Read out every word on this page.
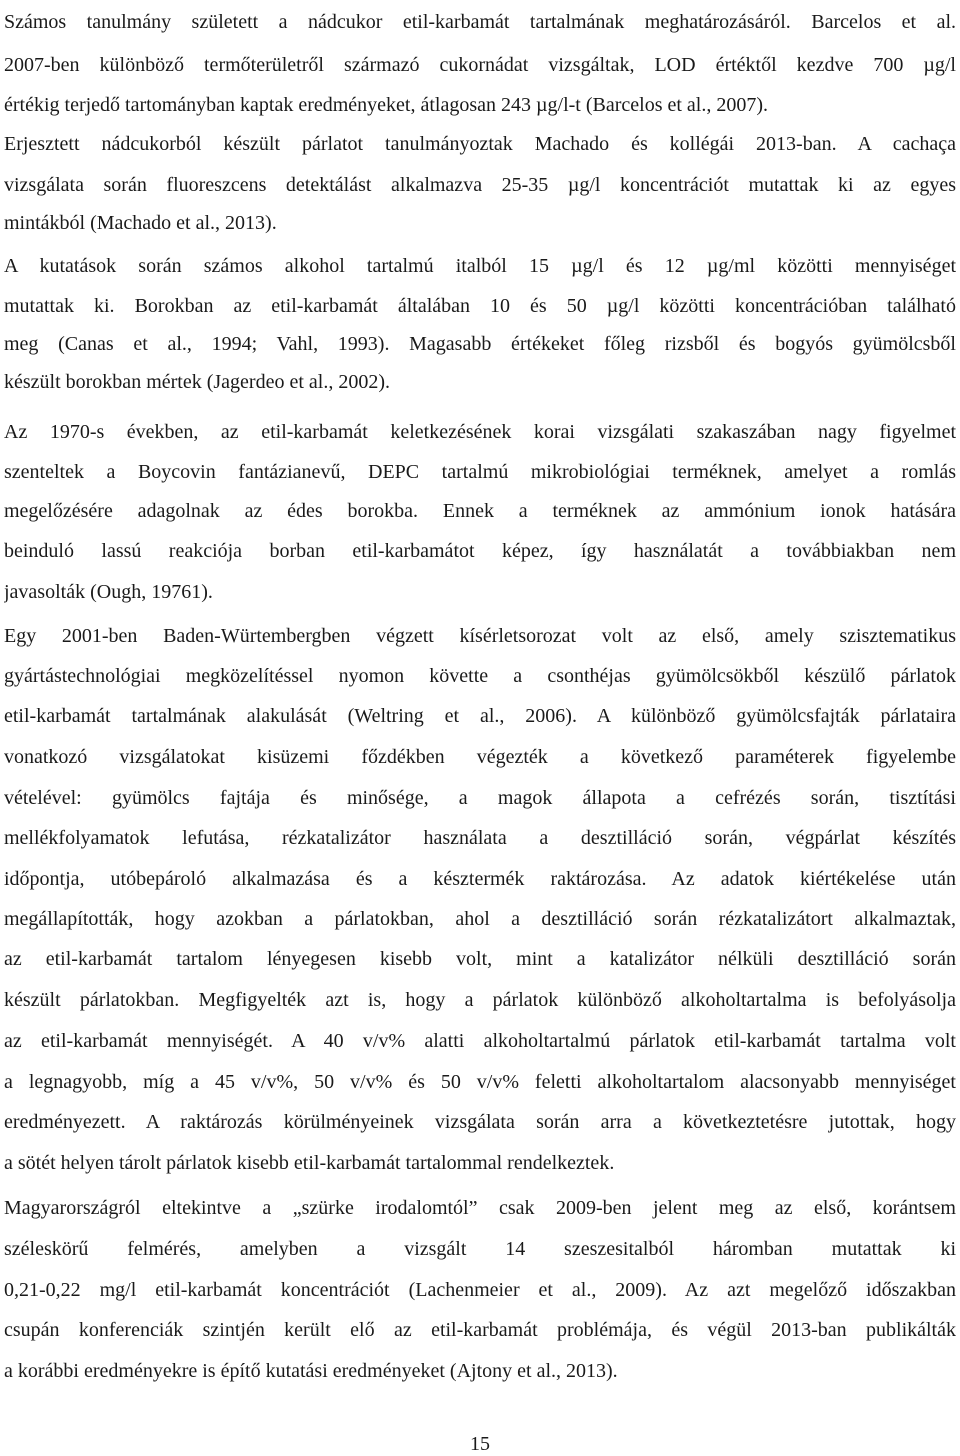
Számos tanulmány született a nádcukor etil-karbamát tartalmának meghatározásáról. Barcelos et al.
2007-ben különböző termőterületről származó cukornádat vizsgáltak, LOD értéktől kezdve 700 µg/l
értékig terjedő tartományban kaptak eredményeket, átlagosan 243 µg/l-t (Barcelos et al., 2007).
Erjesztett nádcukorból készült párlatot tanulmányoztak Machado és kollégái 2013-ban. A cachaça
vizsgálata során fluoreszcens detektálást alkalmazva 25-35 µg/l koncentrációt mutattak ki az egyes
mintákból (Machado et al., 2013).
A kutatások során számos alkohol tartalmú italból 15 µg/l és 12 µg/ml közötti mennyiséget
mutattak ki. Borokban az etil-karbamát általában 10 és 50 µg/l közötti koncentrációban található
meg (Canas et al., 1994; Vahl, 1993). Magasabb értékeket főleg rizsből és bogyós gyümölcsből
készült borokban mértek (Jagerdeo et al., 2002).
Az 1970-s években, az etil-karbamát keletkezésének korai vizsgálati szakaszában nagy figyelmet
szenteltek a Boycovin fantázianevű, DEPC tartalmú mikrobiológiai terméknek, amelyet a romlás
megelőzésére adagolnak az édes borokba. Ennek a terméknek az ammónium ionok hatására
beinduló lassú reakciója borban etil-karbamátot képez, így használatát a továbbiakban nem
javasolták (Ough, 19761).
Egy 2001-ben Baden-Würtembergben végzett kísérletsorozat volt az első, amely szisztematikus
gyártástechnológiai megközelítéssel nyomon követte a csonthéjas gyümölcsökből készülő párlatok
etil-karbamát tartalmának alakulását (Weltring et al., 2006). A különböző gyümölcsfajták párlataira
vonatkozó vizsgálatokat kisüzemi főzdékben végezték a következő paraméterek figyelembe
vételével: gyümölcs fajtája és minősége, a magok állapota a cefrézés során, tisztítási
mellékfolyamatok lefutása, rézkatalizátor használata a desztilláció során, végpárlat készítés
időpontja, utóbepároló alkalmazása és a késztermék raktározása. Az adatok kiértékelése után
megállapították, hogy azokban a párlatokban, ahol a desztilláció során rézkatalizátort alkalmaztak,
az etil-karbamát tartalom lényegesen kisebb volt, mint a katalizátor nélküli desztilláció során
készült párlatokban. Megfigyelték azt is, hogy a párlatok különböző alkoholtartalma is befolyásolja
az etil-karbamát mennyiségét. A 40 v/v% alatti alkoholtartalmú párlatok etil-karbamát tartalma volt
a legnagyobb, míg a 45 v/v%, 50 v/v% és 50 v/v% feletti alkoholtartalom alacsonyabb mennyiséget
eredményezett. A raktározás körülményeinek vizsgálata során arra a következtetésre jutottak, hogy
a sötét helyen tárolt párlatok kisebb etil-karbamát tartalommal rendelkeztek.
Magyarországról eltekintve a „szürke irodalomtól” csak 2009-ben jelent meg az első, korántsem
széleskörű felmérés, amelyben a vizsgált 14 szeszesitalból háromban mutattak ki
0,21-0,22 mg/l etil-karbamát koncentrációt (Lachenmeier et al., 2009). Az azt megelőző időszakban
csupán konferenciák szintjén került elő az etil-karbamát problémája, és végül 2013-ban publikálták
a korábbi eredményekre is építő kutatási eredményeket (Ajtony et al., 2013).
15
